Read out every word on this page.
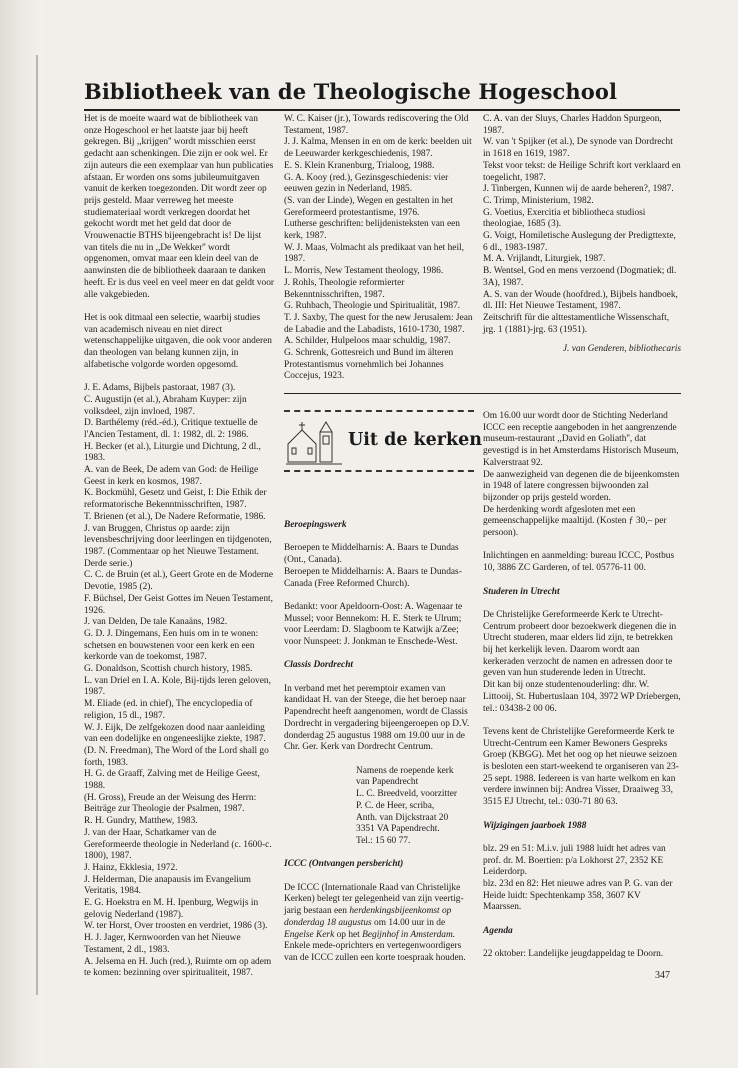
Bibliotheek van de Theologische Hogeschool

Het is de moeite waard wat de bibliotheek van onze Hogeschool er het laatste jaar bij heeft gekregen. Bij ,,krijgen'' wordt misschien eerst gedacht aan schenkingen. Die zijn er ook wel. Er zijn auteurs die een exemplaar van hun publicaties afstaan. Er worden ons soms jubileumuitgaven vanuit de kerken toegezonden. Dit wordt zeer op prijs gesteld. Maar verreweg het meeste studiemateriaal wordt verkregen doordat het gekocht wordt met het geld dat door de Vrouwenactie BTHS bijeengebracht is! De lijst van titels die nu in ,,De Wekker'' wordt opgenomen, omvat maar een klein deel van de aanwinsten die de bibliotheek daaraan te danken heeft. Er is dus veel en veel meer en dat geldt voor alle vakgebieden.

Het is ook ditmaal een selectie, waarbij studies van academisch niveau en niet direct wetenschappelijke uitgaven, die ook voor anderen dan theologen van belang kunnen zijn, in alfabetische volgorde worden opgesomd.

J. E. Adams, Bijbels pastoraat, 1987 (3).

C. Augustijn (et al.), Abraham Kuyper: zijn volksdeel, zijn invloed, 1987.

D. Barthélemy (réd.-éd.), Critique textuelle de l'Ancien Testament, dl. 1: 1982, dl. 2: 1986.

H. Becker (et al.), Liturgie und Dichtung, 2 dl., 1983.

A. van de Beek, De adem van God: de Heilige Geest in kerk en kosmos, 1987.

K. Bockmühl, Gesetz und Geist, I: Die Ethik der reformatorische Bekenntnisschriften, 1987.

T. Brienen (et al.), De Nadere Reformatie, 1986.

J. van Bruggen, Christus op aarde: zijn levensbeschrijving door leerlingen en tijdgenoten, 1987. (Commentaar op het Nieuwe Testament. Derde serie.)

C. C. de Bruin (et al.), Geert Grote en de Moderne Devotie, 1985 (2).

F. Büchsel, Der Geist Gottes im Neuen Testament, 1926.

J. van Delden, De tale Kanaäns, 1982.

G. D. J. Dingemans, Een huis om in te wonen: schetsen en bouwstenen voor een kerk en een kerkorde van de toekomst, 1987.

G. Donaldson, Scottish church history, 1985.

L. van Driel en I. A. Kole, Bij-tijds leren geloven, 1987.

M. Eliade (ed. in chief), The encyclopedia of religion, 15 dl., 1987.

W. J. Eijk, De zelfgekozen dood naar aanleiding van een dodelijke en ongeneeslijke ziekte, 1987.

(D. N. Freedman), The Word of the Lord shall go forth, 1983.

H. G. de Graaff, Zalving met de Heilige Geest, 1988.

(H. Gross), Freude an der Weisung des Herrn: Beiträge zur Theologie der Psalmen, 1987.

R. H. Gundry, Matthew, 1983.

J. van der Haar, Schatkamer van de Gereformeerde theologie in Nederland (c. 1600-c. 1800), 1987.

J. Hainz, Ekklesia, 1972.

J. Helderman, Die anapausis im Evangelium Veritatis, 1984.

E. G. Hoekstra en M. H. Ipenburg, Wegwijs in gelovig Nederland (1987).

W. ter Horst, Over troosten en verdriet, 1986 (3).

H. J. Jager, Kernwoorden van het Nieuwe Testament, 2 dl., 1983.

A. Jelsema en H. Juch (red.), Ruimte om op adem te komen: bezinning over spiritualiteit, 1987.

W. C. Kaiser (jr.), Towards rediscovering the Old Testament, 1987.

J. J. Kalma, Mensen in en om de kerk: beelden uit de Leeuwarder kerkgeschiedenis, 1987.

E. S. Klein Kranenburg, Trialoog, 1988.

G. A. Kooy (red.), Gezinsgeschiedenis: vier eeuwen gezin in Nederland, 1985.

(S. van der Linde), Wegen en gestalten in het Gereformeerd protestantisme, 1976.

Lutherse geschriften: belijdenisteksten van een kerk, 1987.

W. J. Maas, Volmacht als predikaat van het heil, 1987.

L. Morris, New Testament theology, 1986.

J. Rohls, Theologie reformierter Bekenntnisschriften, 1987.

G. Ruhbach, Theologie und Spiritualität, 1987.

T. J. Saxby, The quest for the new Jerusalem: Jean de Labadie and the Labadists, 1610-1730, 1987.

A. Schilder, Hulpeloos maar schuldig, 1987.

G. Schrenk, Gottesreich und Bund im älteren Protestantismus vornehmlich bei Johannes Coccejus, 1923.

C. A. van der Sluys, Charles Haddon Spurgeon, 1987.

W. van 't Spijker (et al.), De synode van Dordrecht in 1618 en 1619, 1987.

Tekst voor tekst: de Heilige Schrift kort verklaard en toegelicht, 1987.

J. Tinbergen, Kunnen wij de aarde beheren?, 1987.

C. Trimp, Ministerium, 1982.

G. Voetius, Exercitia et bibliotheca studiosi theologiae, 1685 (3).

G. Voigt, Homiletische Auslegung der Predigttexte, 6 dl., 1983-1987.

M. A. Vrijlandt, Liturgiek, 1987.

B. Wentsel, God en mens verzoend (Dogmatiek; dl. 3A), 1987.

A. S. van der Woude (hoofdred.), Bijbels handboek, dl. III: Het Nieuwe Testament, 1987.

Zeitschrift für die alttestamentliche Wissenschaft, jrg. 1 (1881)-jrg. 63 (1951).

J. van Genderen, bibliothecaris

Uit de kerken

Beroepingswerk

Beroepen te Middelharnis: A. Baars te Dundas (Ont., Canada).

Beroepen te Middelharnis: A. Baars te Dundas-Canada (Free Reformed Church).

Bedankt: voor Apeldoorn-Oost: A. Wagenaar te Mussel; voor Bennekom: H. E. Sterk te Ulrum; voor Leerdam: D. Slagboom te Katwijk a/Zee; voor Nunspeet: J. Jonkman te Enschede-West.

Classis Dordrecht

In verband met het peremptoir examen van kandidaat H. van der Steege, die het beroep naar Papendrecht heeft aangenomen, wordt de Classis Dordrecht in vergadering bijeengeroepen op D.V. donderdag 25 augustus 1988 om 19.00 uur in de Chr. Ger. Kerk van Dordrecht Centrum.

Namens de roepende kerk

van Papendrecht

L. C. Breedveld, voorzitter

P. C. de Heer, scriba,

Anth. van Dijckstraat 20

3351 VA Papendrecht.

Tel.: 15 60 77.

ICCC (Ontvangen persbericht)

De ICCC (Internationale Raad van Christelijke Kerken) belegt ter gelegenheid van zijn veertig-jarig bestaan een herdenkingsbijeenkomst op donderdag 18 augustus om 14.00 uur in de Engelse Kerk op het Begijnhof in Amsterdam. Enkele mede-oprichters en vertegenwoordigers van de ICCC zullen een korte toespraak houden.

Om 16.00 uur wordt door de Stichting Nederland ICCC een receptie aangeboden in het aangrenzende museum-restaurant ,,David en Goliath'', dat gevestigd is in het Amsterdams Historisch Museum, Kalverstraat 92.

De aanwezigheid van degenen die de bijeenkomsten in 1948 of latere congressen bijwoonden zal bijzonder op prijs gesteld worden.

De herdenking wordt afgesloten met een gemeenschappelijke maaltijd. (Kosten ƒ 30,– per persoon).

Inlichtingen en aanmelding: bureau ICCC, Postbus 10, 3886 ZC Garderen, of tel. 05776-11 00.

Studeren in Utrecht

De Christelijke Gereformeerde Kerk te Utrecht-Centrum probeert door bezoekwerk diegenen die in Utrecht studeren, maar elders lid zijn, te betrekken bij het kerkelijk leven. Daarom wordt aan kerkeraden verzocht de namen en adressen door te geven van hun studerende leden in Utrecht.

Dit kan bij onze studentenouderling: dhr. W. Littooij, St. Hubertuslaan 104, 3972 WP Driebergen, tel.: 03438-2 00 06.

Tevens kent de Christelijke Gereformeerde Kerk te Utrecht-Centrum een Kamer Bewoners Gespreks Groep (KBGG). Met het oog op het nieuwe seizoen is besloten een start-weekend te organiseren van 23-25 sept. 1988. Iedereen is van harte welkom en kan verdere inwinnen bij: Andrea Visser, Draaiweg 33, 3515 EJ Utrecht, tel.: 030-71 80 63.

Wijzigingen jaarboek 1988

blz. 29 en 51: M.i.v. juli 1988 luidt het adres van prof. dr. M. Boertien: p/a Lokhorst 27, 2352 KE Leiderdorp.

blz. 23d en 82: Het nieuwe adres van P. G. van der Heide luidt: Spechtenkamp 358, 3607 KV Maarssen.

Agenda

22 oktober: Landelijke jeugdappeldag te Doorn.

347
